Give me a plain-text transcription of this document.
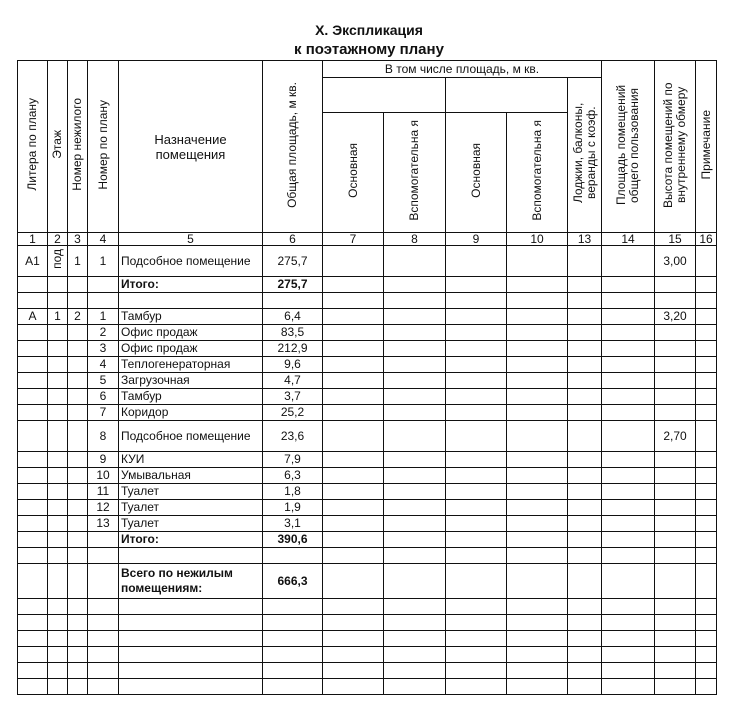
Х. Экспликация
к поэтажному плану
Литера по плану	Этаж	Номер нежилого	Номер по плану	Назначение помещения	Общая площадь, м кв.	В том числе площадь, м кв.					Площадь помещений общего пользования	Высота помещений по внутреннему обмеру	Примечание
										Лоджии, балконы, веранды с коэф.			
						Основная	Вспомогательна я	Основная	Вспомогательна я				
1	2	3	4	5	6	7	8	9	10	13	14	15	16
А1	под	1	1	Подсобное помещение	275,7							3,00	
				Итого:	275,7								

А	1	2	1	Тамбур	6,4							3,20	
			2	Офис продаж	83,5								
			3	Офис продаж	212,9								
			4	Теплогенераторная	9,6								
			5	Загрузочная	4,7								
			6	Тамбур	3,7								
			7	Коридор	25,2								
			8	Подсобное помещение	23,6							2,70	
			9	КУИ	7,9								
			10	Умывальная	6,3								
			11	Туалет	1,8								
			12	Туалет	1,9								
			13	Туалет	3,1								
				Итого:	390,6								

				Всего по нежилым помещениям:	666,3								
